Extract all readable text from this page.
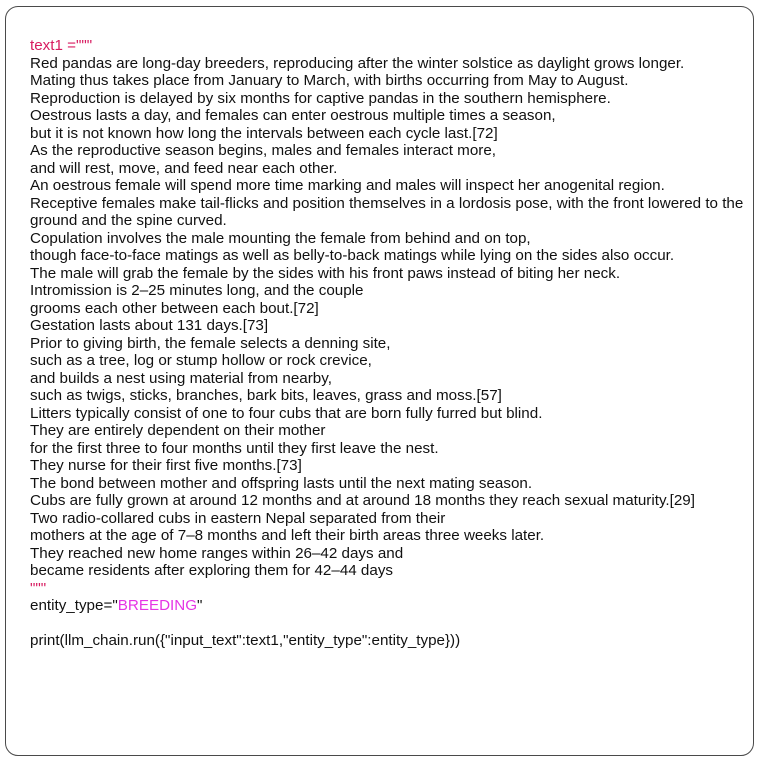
text1 ="""
Red pandas are long-day breeders, reproducing after the winter solstice as daylight grows longer.
Mating thus takes place from January to March, with births occurring from May to August.
Reproduction is delayed by six months for captive pandas in the southern hemisphere.
Oestrous lasts a day, and females can enter oestrous multiple times a season,
but it is not known how long the intervals between each cycle last.[72]
As the reproductive season begins, males and females interact more,
and will rest, move, and feed near each other.
An oestrous female will spend more time marking and males will inspect her anogenital region.
Receptive females make tail-flicks and position themselves in a lordosis pose, with the front lowered to the ground and the spine curved.
Copulation involves the male mounting the female from behind and on top,
though face-to-face matings as well as belly-to-back matings while lying on the sides also occur.
The male will grab the female by the sides with his front paws instead of biting her neck.
Intromission is 2–25 minutes long, and the couple
grooms each other between each bout.[72]
Gestation lasts about 131 days.[73]
Prior to giving birth, the female selects a denning site,
such as a tree, log or stump hollow or rock crevice,
and builds a nest using material from nearby,
such as twigs, sticks, branches, bark bits, leaves, grass and moss.[57]
Litters typically consist of one to four cubs that are born fully furred but blind.
They are entirely dependent on their mother
for the first three to four months until they first leave the nest.
They nurse for their first five months.[73]
The bond between mother and offspring lasts until the next mating season.
Cubs are fully grown at around 12 months and at around 18 months they reach sexual maturity.[29]
Two radio-collared cubs in eastern Nepal separated from their
mothers at the age of 7–8 months and left their birth areas three weeks later.
They reached new home ranges within 26–42 days and
became residents after exploring them for 42–44 days
"""
entity_type="BREEDING"
print(llm_chain.run({"input_text":text1,"entity_type":entity_type}))
